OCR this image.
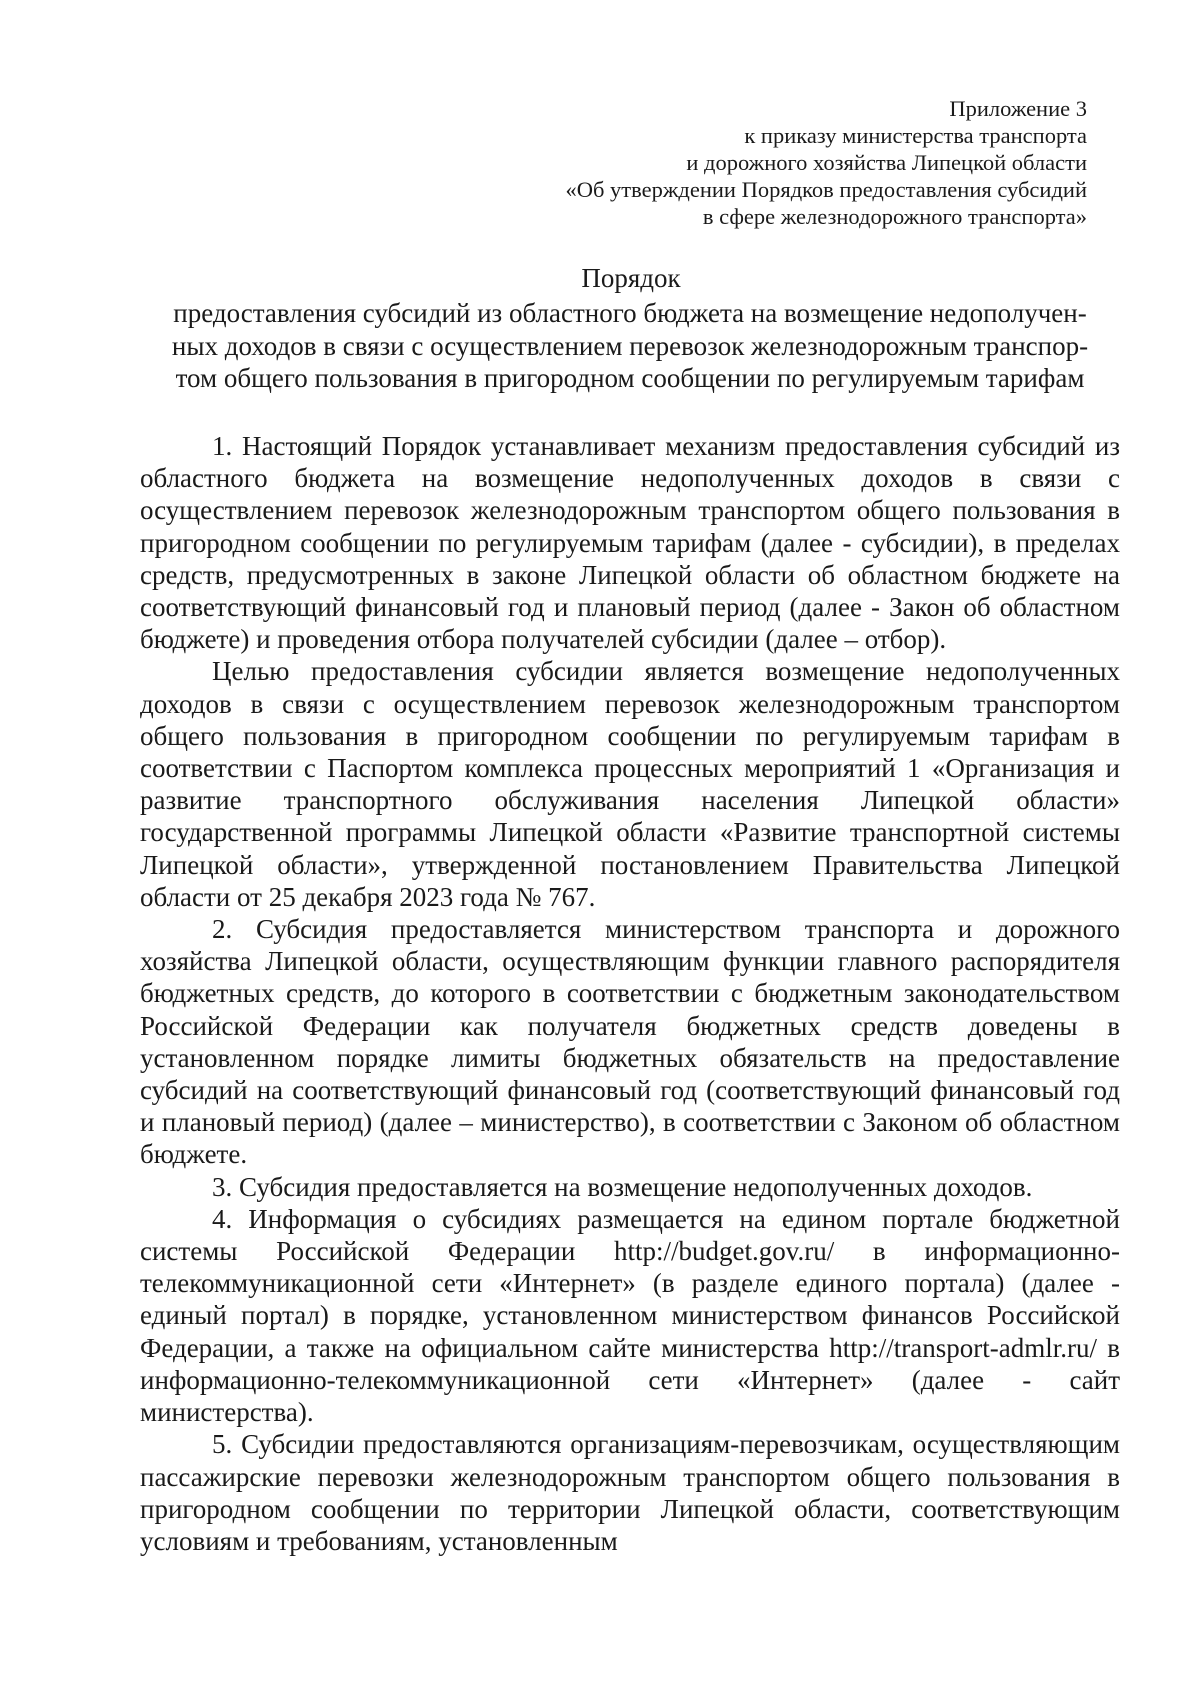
Приложение 3
к приказу министерства транспорта
и дорожного хозяйства Липецкой области
«Об утверждении Порядков предоставления субсидий
в сфере железнодорожного транспорта»
Порядок
предоставления субсидий из областного бюджета на возмещение недополучен-
ных доходов в связи с осуществлением перевозок железнодорожным транспор-
том общего пользования в пригородном сообщении по регулируемым тарифам

1. Настоящий Порядок устанавливает механизм предоставления субсидий из областного бюджета на возмещение недополученных доходов в связи с осуществлением перевозок железнодорожным транспортом общего пользования в пригородном сообщении по регулируемым тарифам (далее - субсидии), в пределах средств, предусмотренных в законе Липецкой области об областном бюджете на соответствующий финансовый год и плановый период (далее - Закон об областном бюджете) и проведения отбора получателей субсидии (далее – отбор).

Целью предоставления субсидии является возмещение недополученных доходов в связи с осуществлением перевозок железнодорожным транспортом общего пользования в пригородном сообщении по регулируемым тарифам в соответствии с Паспортом комплекса процессных мероприятий 1 «Организация и развитие транспортного обслуживания населения Липецкой области» государственной программы Липецкой области «Развитие транспортной системы Липецкой области», утвержденной постановлением Правительства Липецкой области от 25 декабря 2023 года № 767.

2. Субсидия предоставляется министерством транспорта и дорожного хозяйства Липецкой области, осуществляющим функции главного распорядителя бюджетных средств, до которого в соответствии с бюджетным законодательством Российской Федерации как получателя бюджетных средств доведены в установленном порядке лимиты бюджетных обязательств на предоставление субсидий на соответствующий финансовый год (соответствующий финансовый год и плановый период) (далее – министерство), в соответствии с Законом об областном бюджете.

3. Субсидия предоставляется на возмещение недополученных доходов.

4. Информация о субсидиях размещается на едином портале бюджетной системы Российской Федерации http://budget.gov.ru/ в информационно-телекоммуникационной сети «Интернет» (в разделе единого портала) (далее - единый портал) в порядке, установленном министерством финансов Российской Федерации, а также на официальном сайте министерства http://transport-admlr.ru/ в информационно-телекоммуникационной сети «Интернет» (далее - сайт министерства).

5. Субсидии предоставляются организациям-перевозчикам, осуществляющим пассажирские перевозки железнодорожным транспортом общего пользования в пригородном сообщении по территории Липецкой области, соответствующим условиям и требованиям, установленным
